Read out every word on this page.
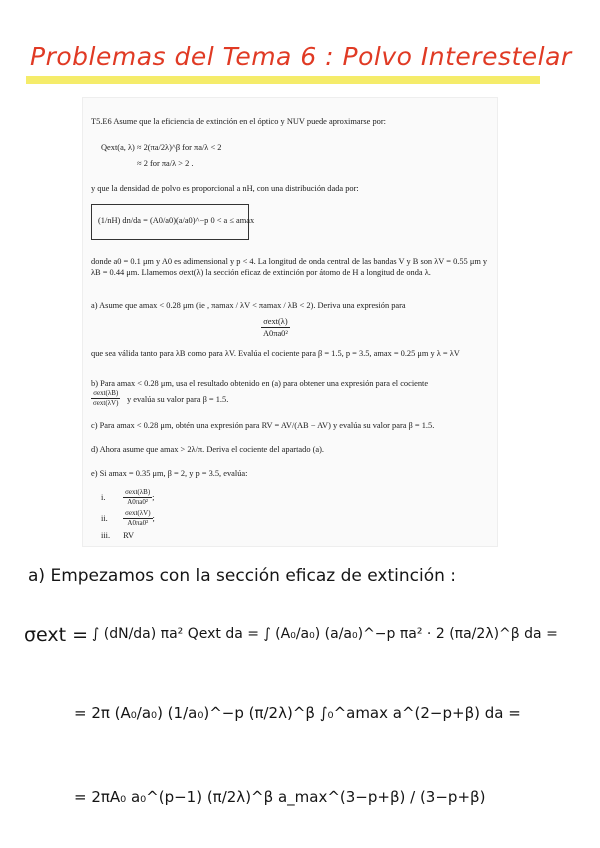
Problemas del Tema 6 : Polvo Interestelar
T5.E6 Asume que la eficiencia de extinción en el óptico y NUV puede aproximarse por:
Qext(a, λ) ≈ 2(πa/2λ)^β for πa/λ < 2
≈ 2 for πa/λ > 2 .
y que la densidad de polvo es proporcional a nH, con una distribución dada por:
(1/nH) dn/da = (A0/a0)(a/a0)^−p 0 < a ≤ amax
donde a0 = 0.1 μm y A0 es adimensional y p < 4. La longitud de onda central de las bandas V y B son λV = 0.55 μm y λB = 0.44 μm. Llamemos σext(λ) la sección eficaz de extinción por átomo de H a longitud de onda λ.
a) Asume que amax < 0.28 μm (ie , πamax / λV < πamax / λB < 2). Deriva una expresión para
$\frac{\text{σext(λ)}}{\text{A0πa0²}}$
que sea válida tanto para λB como para λV. Evalúa el cociente para β = 1.5, p = 3.5, amax = 0.25 μm y λ = λV
b) Para amax < 0.28 μm, usa el resultado obtenido en (a) para obtener una expresión para el cociente
$\frac{\text{σext(λB)}}{\text{σext(λV)}}$ y evalúa su valor para β = 1.5.
c) Para amax < 0.28 μm, obtén una expresión para RV = AV/(AB − AV) y evalúa su valor para β = 1.5.
d) Ahora asume que amax > 2λ/π. Deriva el cociente del apartado (a).
e) Si amax = 0.35 μm, β = 2, y p = 3.5, evalúa:
i.	$\frac{\text{σext(λB)}}{\text{A0πa0²}}$ ;
ii. $\frac{\text{σext(λV)}}{\text{A0πa0²}}$ ;
iii. RV
a) Empezamos con la sección eficaz de extinción :
σext = ∫ (dN/da) πa² Qext da = ∫ (A₀/a₀) (a/a₀)^−p πa² · 2 (πa/2λ)^β da =
= 2π (A₀/a₀) (1/a₀)^−p (π/2λ)^β ∫₀^amax a^(2−p+β) da =
= 2πA₀ a₀^(p−1) (π/2λ)^β a_max^(3−p+β) / (3−p+β)
